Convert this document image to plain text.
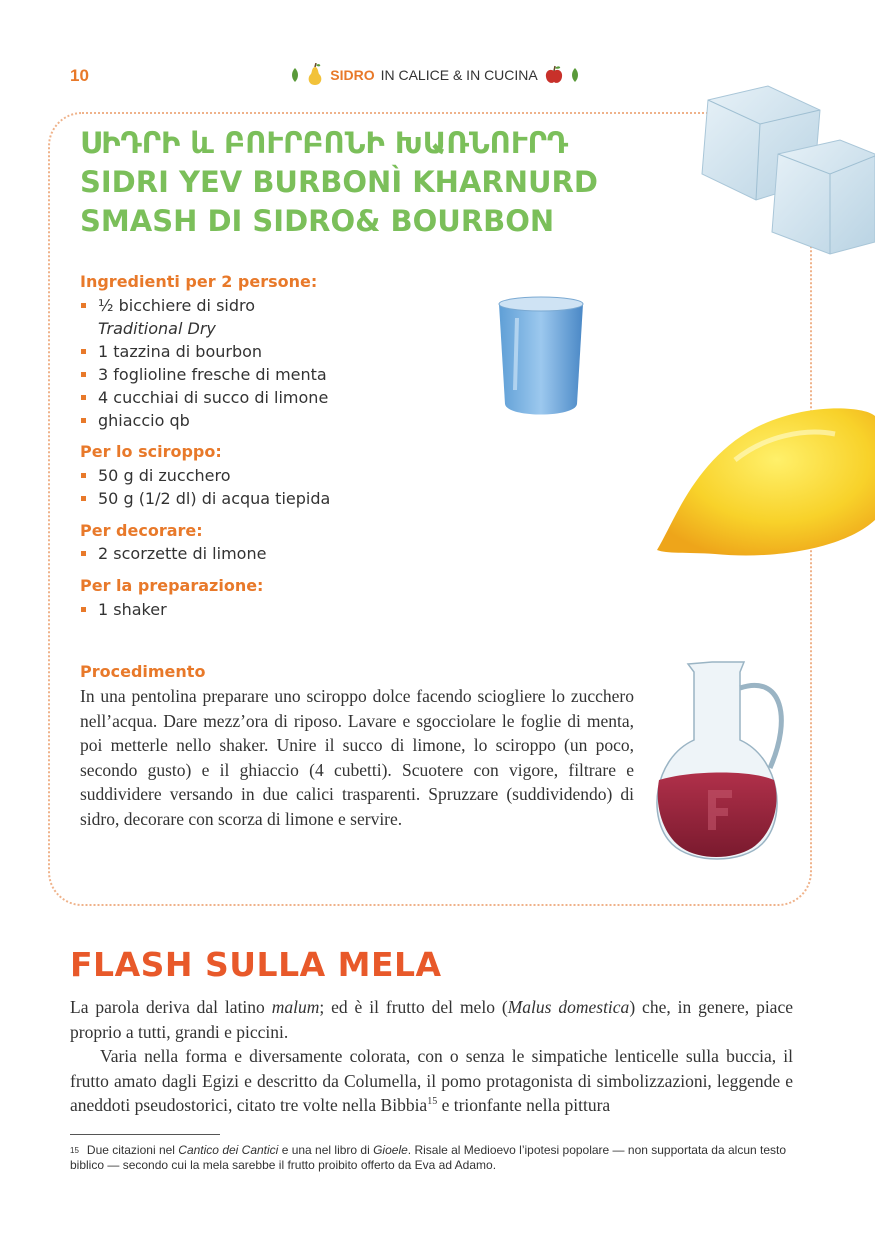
10	SIDRO IN CALICE & IN CUCINA
ՍԻԴՐԻ և ԲՈՒՐԲՈՆԻ ԽԱՌՆՈՒՐԴ
SIDRI YEV BURBONÌ KHARNURD
SMASH DI SIDRO& BOURBON
Ingredienti per 2 persone:
½ bicchiere di sidro
Traditional Dry
1 tazzina di bourbon
3 foglioline fresche di menta
4 cucchiai di succo di limone
ghiaccio qb
Per lo sciroppo:
50 g di zucchero
50 g (1/2 dl) di acqua tiepida
Per decorare:
2 scorzette di limone
Per la preparazione:
1 shaker
Procedimento
In una pentolina preparare uno sciroppo dolce facendo sciogliere lo zucchero nell’acqua. Dare mezz’ora di riposo. Lavare e sgocciolare le foglie di menta, poi metterle nello shaker. Unire il succo di limone, lo sciroppo (un poco, secondo gusto) e il ghiaccio (4 cubetti). Scuotere con vigore, filtrare e suddividere versando in due calici trasparenti. Spruzzare (suddividendo) di sidro, decorare con scorza di limone e servire.
FLASH SULLA MELA

La parola deriva dal latino malum; ed è il frutto del melo (Malus domestica) che, in genere, piace proprio a tutti, grandi e piccini.

Varia nella forma e diversamente colorata, con o senza le simpatiche lenticelle sulla buccia, il frutto amato dagli Egizi e descritto da Columella, il pomo protagonista di simbolizzazioni, leggende e aneddoti pseudostorici, citato tre volte nella Bibbia$^{15}$ e trionfante nella pittura

$^{15}$ Due citazioni nel Cantico dei Cantici e una nel libro di Gioele. Risale al Medioevo l’ipotesi popolare — non supportata da alcun testo biblico — secondo cui la mela sarebbe il frutto proibito offerto da Eva ad Adamo.
